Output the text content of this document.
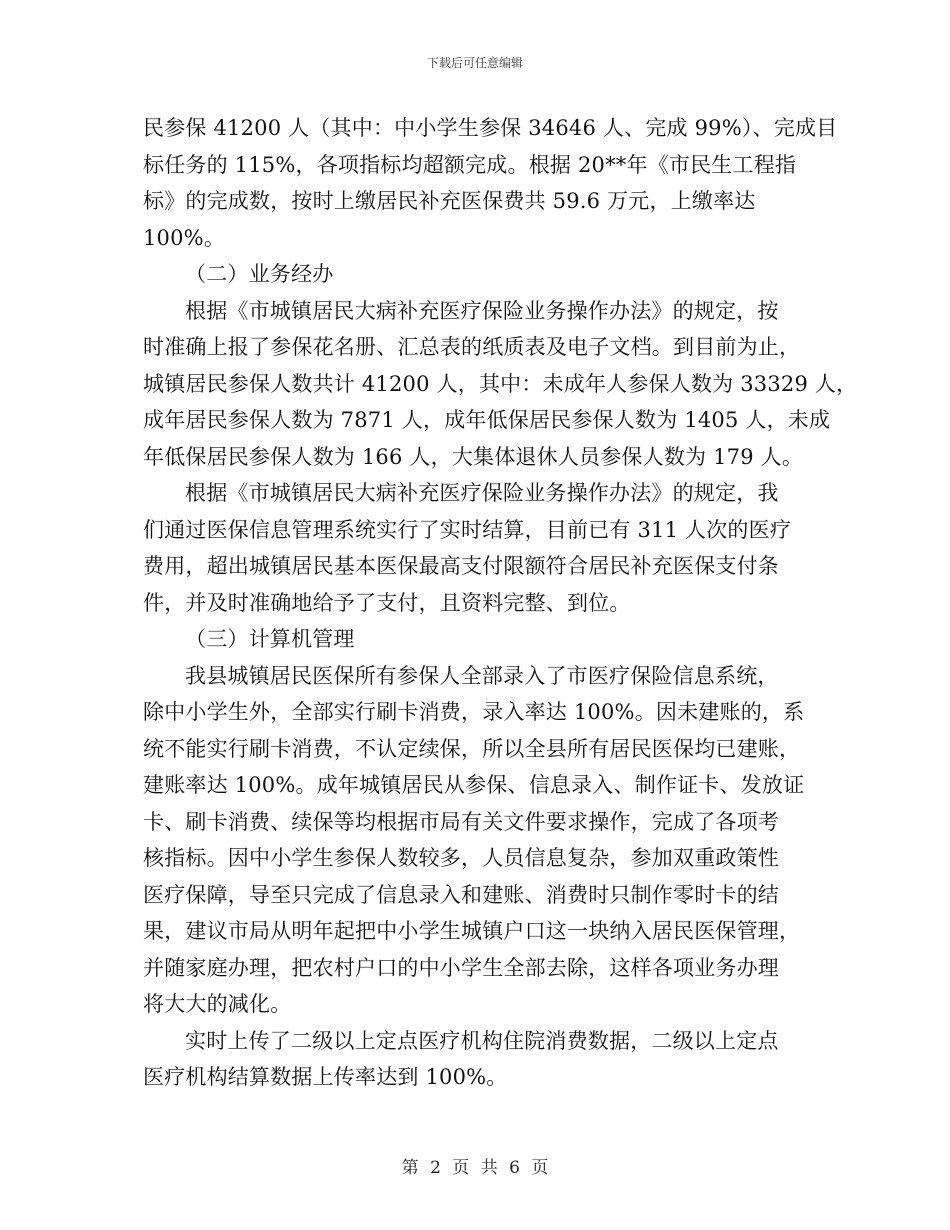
下载后可任意编辑
民参保 41200 人（其中：中小学生参保 34646 人、完成 99%）、完成目
标任务的 115%，各项指标均超额完成。根据 20**年《市民生工程指
标》的完成数，按时上缴居民补充医保费共 59.6 万元，上缴率达
100%。
（二）业务经办
根据《市城镇居民大病补充医疗保险业务操作办法》的规定，按
时准确上报了参保花名册、汇总表的纸质表及电子文档。到目前为止，
城镇居民参保人数共计 41200 人，其中：未成年人参保人数为 33329 人，
成年居民参保人数为 7871 人，成年低保居民参保人数为 1405 人，未成
年低保居民参保人数为 166 人，大集体退休人员参保人数为 179 人。
根据《市城镇居民大病补充医疗保险业务操作办法》的规定，我
们通过医保信息管理系统实行了实时结算，目前已有 311 人次的医疗
费用，超出城镇居民基本医保最高支付限额符合居民补充医保支付条
件，并及时准确地给予了支付，且资料完整、到位。
（三）计算机管理
我县城镇居民医保所有参保人全部录入了市医疗保险信息系统，
除中小学生外，全部实行刷卡消费，录入率达 100%。因未建账的，系
统不能实行刷卡消费，不认定续保，所以全县所有居民医保均已建账，
建账率达 100%。成年城镇居民从参保、信息录入、制作证卡、发放证
卡、刷卡消费、续保等均根据市局有关文件要求操作，完成了各项考
核指标。因中小学生参保人数较多，人员信息复杂，参加双重政策性
医疗保障，导至只完成了信息录入和建账、消费时只制作零时卡的结
果，建议市局从明年起把中小学生城镇户口这一块纳入居民医保管理，
并随家庭办理，把农村户口的中小学生全部去除，这样各项业务办理
将大大的减化。
实时上传了二级以上定点医疗机构住院消费数据，二级以上定点
医疗机构结算数据上传率达到 100%。
第 2 页 共 6 页
